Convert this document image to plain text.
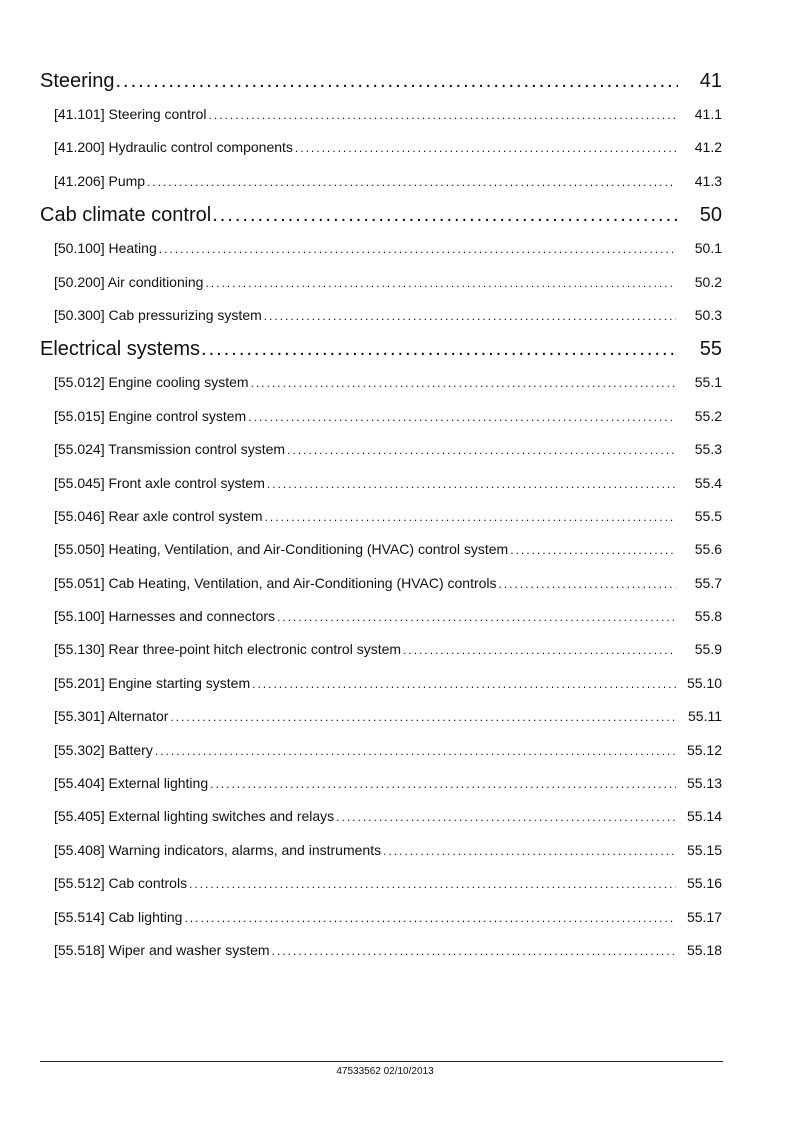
Steering .....	41
[41.101] Steering control .....	41.1
[41.200] Hydraulic control components .....	41.2
[41.206] Pump .....	41.3
Cab climate control .....	50
[50.100] Heating .....	50.1
[50.200] Air conditioning .....	50.2
[50.300] Cab pressurizing system .....	50.3
Electrical systems .....	55
[55.012] Engine cooling system .....	55.1
[55.015] Engine control system .....	55.2
[55.024] Transmission control system .....	55.3
[55.045] Front axle control system .....	55.4
[55.046] Rear axle control system .....	55.5
[55.050] Heating, Ventilation, and Air-Conditioning (HVAC) control system .....	55.6
[55.051] Cab Heating, Ventilation, and Air-Conditioning (HVAC) controls .....	55.7
[55.100] Harnesses and connectors .....	55.8
[55.130] Rear three-point hitch electronic control system .....	55.9
[55.201] Engine starting system .....	55.10
[55.301] Alternator .....	55.11
[55.302] Battery .....	55.12
[55.404] External lighting .....	55.13
[55.405] External lighting switches and relays .....	55.14
[55.408] Warning indicators, alarms, and instruments .....	55.15
[55.512] Cab controls .....	55.16
[55.514] Cab lighting .....	55.17
[55.518] Wiper and washer system .....	55.18
47533562 02/10/2013
